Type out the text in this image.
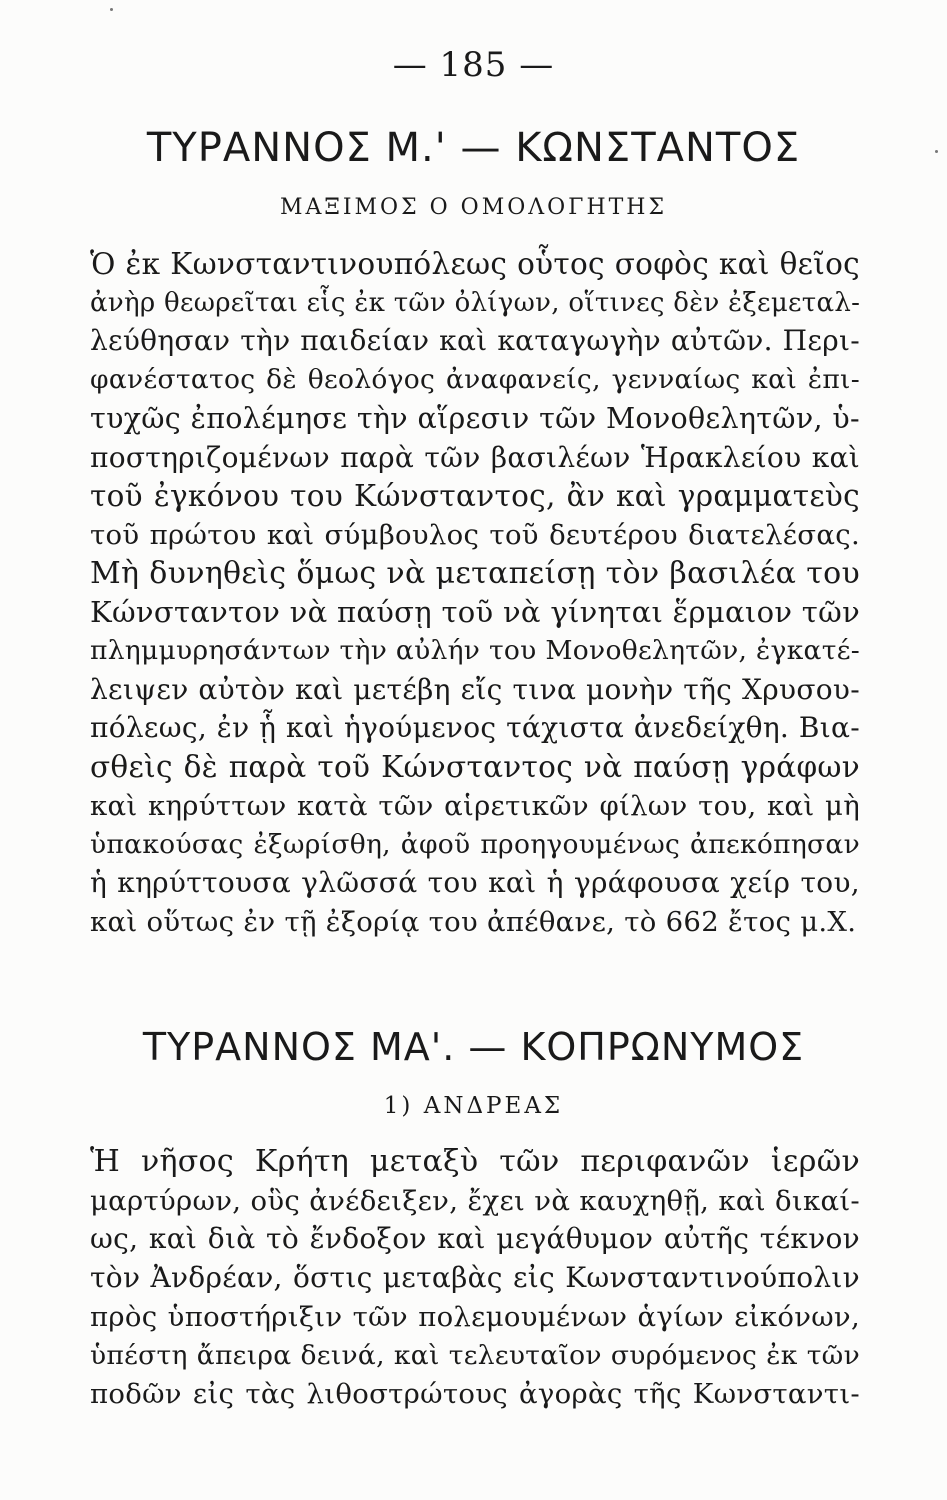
— 185 —
ΤΥΡΑΝΝΟΣ Μ.' — ΚΩΝΣΤΑΝΤΟΣ
ΜΑΞΙΜΟΣ Ο ΟΜΟΛΟΓΗΤΗΣ
Ὁ ἐκ Κωνσταντινουπόλεως οὗτος σοφὸς καὶ θεῖος
ἀνὴρ θεωρεῖται εἷς ἐκ τῶν ὀλίγων, οἵτινες δὲν ἐξεμεταλ-
λεύθησαν τὴν παιδείαν καὶ καταγωγὴν αὐτῶν. Περι-
φανέστατος δὲ θεολόγος ἀναφανείς, γενναίως καὶ ἐπι-
τυχῶς ἐπολέμησε τὴν αἵρεσιν τῶν Μονοθελητῶν, ὑ-
ποστηριζομένων παρὰ τῶν βασιλέων Ἡρακλείου καὶ
τοῦ ἐγκόνου του Κώνσταντος, ἂν καὶ γραμματεὺς
τοῦ πρώτου καὶ σύμβουλος τοῦ δευτέρου διατελέσας.
Μὴ δυνηθεὶς ὅμως νὰ μεταπείσῃ τὸν βασιλέα του
Κώνσταντον νὰ παύσῃ τοῦ νὰ γίνηται ἕρμαιον τῶν
πλημμυρησάντων τὴν αὐλήν του Μονοθελητῶν, ἐγκατέ-
λειψεν αὐτὸν καὶ μετέβη εἴς τινα μονὴν τῆς Χρυσου-
πόλεως, ἐν ᾗ καὶ ἡγούμενος τάχιστα ἀνεδείχθη. Βια-
σθεὶς δὲ παρὰ τοῦ Κώνσταντος νὰ παύσῃ γράφων
καὶ κηρύττων κατὰ τῶν αἱρετικῶν φίλων του, καὶ μὴ
ὑπακούσας ἐξωρίσθη, ἀφοῦ προηγουμένως ἀπεκόπησαν
ἡ κηρύττουσα γλῶσσά του καὶ ἡ γράφουσα χείρ του,
καὶ οὕτως ἐν τῇ ἐξορίᾳ του ἀπέθανε, τὸ 662 ἔτος μ.Χ.
ΤΥΡΑΝΝΟΣ ΜΑ'. — ΚΟΠΡΩΝΥΜΟΣ
1) ΑΝΔΡΕΑΣ
Ἡ νῆσος Κρήτη μεταξὺ τῶν περιφανῶν ἱερῶν
μαρτύρων, οὓς ἀνέδειξεν, ἔχει νὰ καυχηθῇ, καὶ δικαί-
ως, καὶ διὰ τὸ ἔνδοξον καὶ μεγάθυμον αὐτῆς τέκνον
τὸν Ἀνδρέαν, ὅστις μεταβὰς εἰς Κωνσταντινούπολιν
πρὸς ὑποστήριξιν τῶν πολεμουμένων ἁγίων εἰκόνων,
ὑπέστη ἄπειρα δεινά, καὶ τελευταῖον συρόμενος ἐκ τῶν
ποδῶν εἰς τὰς λιθοστρώτους ἀγορὰς τῆς Κωνσταντι-
